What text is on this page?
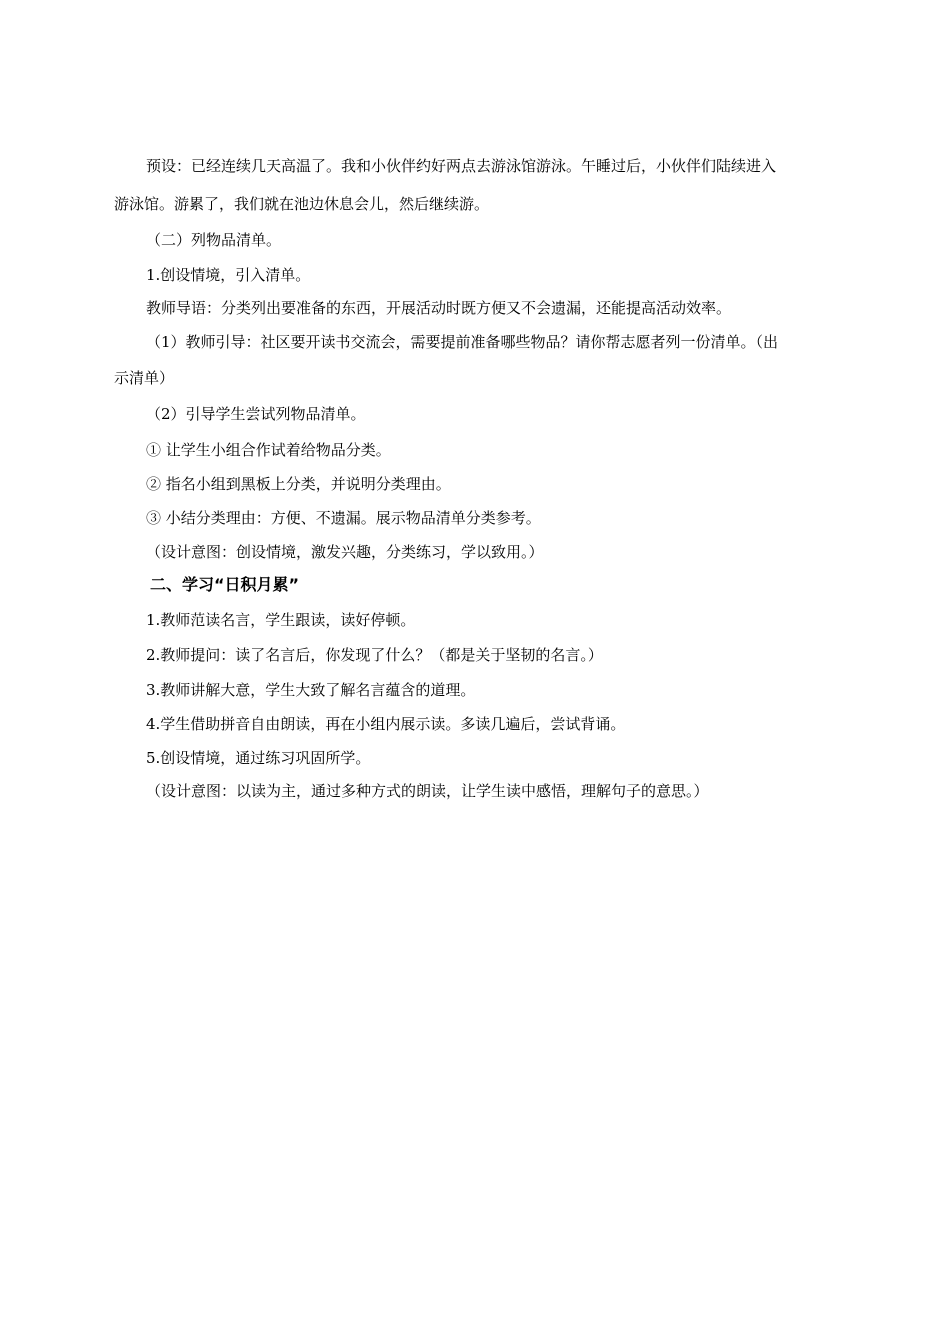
预设：已经连续几天高温了。我和小伙伴约好两点去游泳馆游泳。午睡过后，小伙伴们陆续进入
游泳馆。游累了，我们就在池边休息会儿，然后继续游。
（二）列物品清单。
1.创设情境，引入清单。
教师导语：分类列出要准备的东西，开展活动时既方便又不会遗漏，还能提高活动效率。
（1）教师引导：社区要开读书交流会，需要提前准备哪些物品？请你帮志愿者列一份清单。（出
示清单）
（2）引导学生尝试列物品清单。
① 让学生小组合作试着给物品分类。
② 指名小组到黑板上分类，并说明分类理由。
③ 小结分类理由：方便、不遗漏。展示物品清单分类参考。
（设计意图：创设情境，激发兴趣，分类练习，学以致用。）
二、学习“日积月累”
1.教师范读名言，学生跟读，读好停顿。
2.教师提问：读了名言后，你发现了什么？（都是关于坚韧的名言。）
3.教师讲解大意，学生大致了解名言蕴含的道理。
4.学生借助拼音自由朗读，再在小组内展示读。多读几遍后，尝试背诵。
5.创设情境，通过练习巩固所学。
（设计意图：以读为主，通过多种方式的朗读，让学生读中感悟，理解句子的意思。）
